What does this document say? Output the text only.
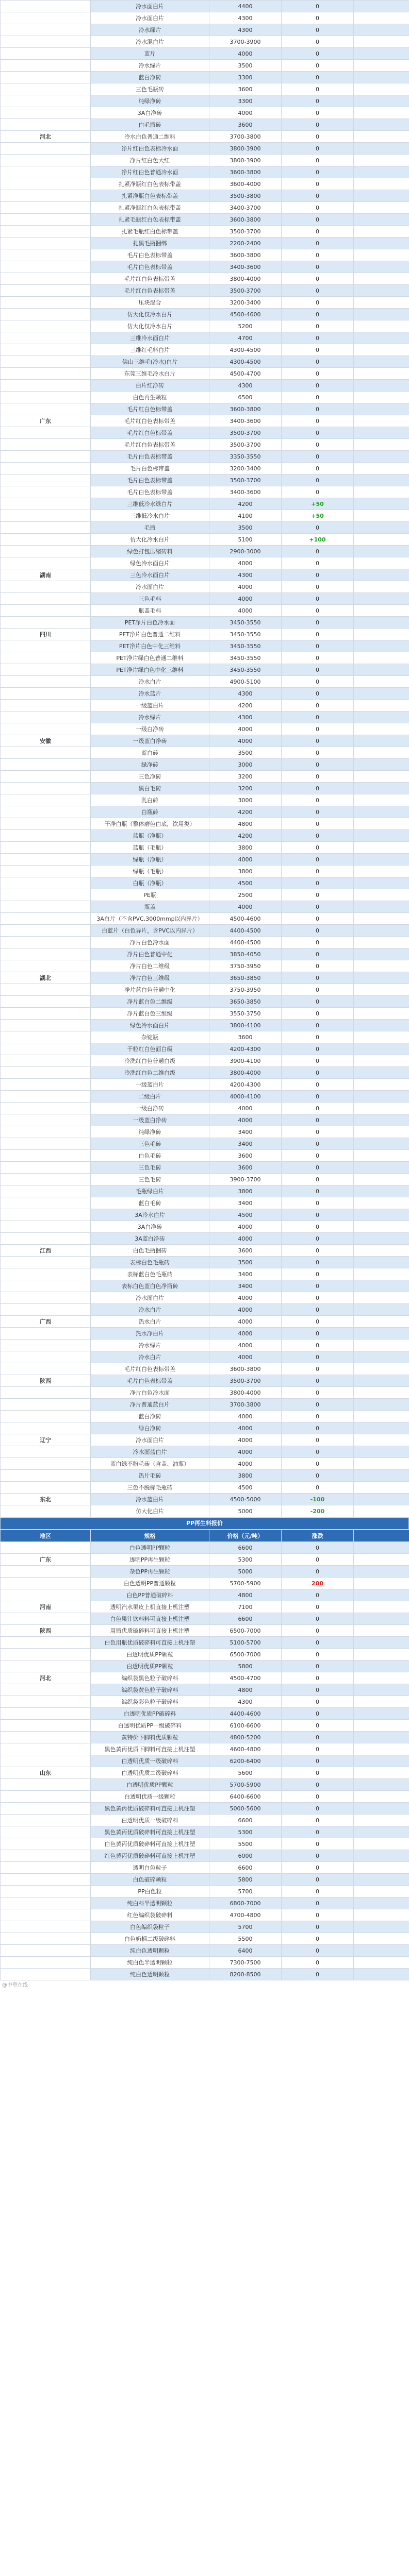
	冷水面白片	4400	0	
	冷水面白片	4300	0	
	冷水绿片	4300	0	
	冷水混白片	3700-3900	0	
	蓝片	4000	0	
	冷水绿片	3500	0	
	蓝白净砖	3300	0	
	三色毛瓶砖	3600	0	
	纯绿净砖	3300	0	
	3A白净砖	4000	0	
	白毛瓶砖	3600	0	
河北	冷水白色普通二维料	3700-3800	0	
	净片红白色表标冷水面	3800-3900	0	
	净片红白色大红	3800-3900	0	
	净片红白色普通冷水面	3600-3800	0	
	扎紧净瓶红白色表标带盖	3600-4000	0	
	扎紧净瓶白色表标带盖	3500-3800	0	
	扎紧净瓶红白色表标带盖	3400-3700	0	
	扎紧毛瓶红白色表标带盖	3600-3800	0	
	扎紧毛瓶红白色标带盖	3500-3700	0	
	扎黑毛瓶捆绑	2200-2400	0	
	毛片白色表标带盖	3600-3800	0	
	毛片白色表标带盖	3400-3600	0	
	毛片红白色表标带盖	3800-4000	0	
	毛片红白色表标带盖	3500-3700	0	
	压块混合	3200-3400	0	
	仿大化仅冷水白片	4500-4600	0	
	仿大化仅冷水白片	5200	0	
	三维冷水面白片	4700	0	
	三维红毛料白片	4300-4500	0	
	佛山三维毛(冷水)白片	4300-4500	0	
	东莞三维毛冷水白片	4500-4700	0	
	白片红净砖	4300	0	
	白色再生颗粒	6500	0	
	毛片红白色标带盖	3600-3800	0	
广东	毛片红白色表标带盖	3400-3600	0	
	毛片红白色标带盖	3500-3700	0	
	毛片红白色表标带盖	3500-3700	0	
	毛片白色表标带盖	3350-3550	0	
	毛片白色标带盖	3200-3400	0	
	毛片白色表标带盖	3500-3700	0	
	毛片白色表标带盖	3400-3600	0	
	三维低冷水绿白片	4200	+50	
	三维低冷水白片	4100	+50	
	毛瓶	3500	0	
	仿大化冷水白片	5100	+100	
	绿色打包压缩砖料	2900-3000	0	
	绿色冷水面白片	4000	0	
湖南	三色冷水面白片	4300	0	
	冷水面白片	4000	0	
	三色毛料	4000	0	
	瓶盖毛料	4000	0	
	PET净片白色冷水面	3450-3550	0	
四川	PET净片白色普通二维料	3450-3550	0	
	PET净片白色中化三维料	3450-3550	0	
	PET净片绿白色普通二维料	3450-3550	0	
	PET净片绿白色中化三维料	3450-3550	0	
	冷水白片	4900-5100	0	
	冷水蓝片	4300	0	
	一级蓝白片	4200	0	
	冷水绿片	4300	0	
	一级白净砖	4000	0	
安徽	一级蓝白净砖	4000	0	
	蓝白砖	3500	0	
	绿净砖	3000	0	
	三色净砖	3200	0	
	黑白毛砖	3200	0	
	乳白砖	3000	0	
	白瓶砖	4200	0	
	干净白瓶（整体磨色白底，饮用类）	4800	0	
	蓝瓶（净瓶）	4200	0	
	蓝瓶（毛瓶）	3800	0	
	绿瓶（净瓶）	4000	0	
	绿瓶（毛瓶）	3800	0	
	白瓶（净瓶）	4500	0	
	PE瓶	2500	0	
	瓶盖	4000	0	
	3A白片（不含PVC,3000mmp以内异片）	4500-4600	0	
	白蓝片（白色异片，含PVC以内异片）	4400-4500	0	
	净片白色冷水面	4400-4500	0	
	净片白色普通中化	3850-4050	0	
	净片白色二维级	3750-3950	0	
湖北	净片白色三维级	3650-3850	0	
	净片蓝白色普通中化	3750-3950	0	
	净片蓝白色二维级	3650-3850	0	
	净片蓝白色三维级	3550-3750	0	
	绿色冷水面白片	3800-4100	0	
	杂锭瓶	3600	0	
	干粒红白色面白级	4200-4300	0	
	冷洗红白色普通白级	3900-4100	0	
	冷洗红白色二维白级	3800-4000	0	
	一级蓝白片	4200-4300	0	
	二级白片	4000-4100	0	
	一级白净砖	4000	0	
	一级蓝白净砖	4000	0	
	纯绿净砖	3400	0	
	三色毛砖	3400	0	
	白色毛砖	3600	0	
	三色毛砖	3600	0	
	三色毛砖	3900-3700	0	
	毛瓶绿白片	3800	0	
	蓝白毛砖	3400	0	
	3A冷水白片	4500	0	
	3A白净砖	4000	0	
	3A蓝白净砖	4000	0	
江西	白色毛瓶捆砖	3600	0	
	表标白色毛瓶砖	3500	0	
	表标蓝白色毛瓶砖	3400	0	
	表标白色蓝白色净瓶砖	3400	0	
	冷水面白片	4000	0	
	冷水白片	4000	0	
广西	热水白片	4000	0	
	热水净白片	4000	0	
	冷水绿片	4000	0	
	冷水白片	4000	0	
	毛片红白色表标带盖	3600-3800	0	
陕西	毛片白色表标带盖	3500-3700	0	
	净片白色冷水面	3800-4000	0	
	净片普通蓝白片	3700-3800	0	
	蓝白净砖	4000	0	
	绿白净砖	4000	0	
辽宁	冷水面白片	4000	0	
	冷水面蓝白片	4000	0	
	蓝白绿不粉毛砖（含盖、油瓶）	4000	0	
	热片毛砖	3800	0	
	三色不脱标毛瓶砖	4500	0	
东北	冷水蓝白片	4500-5000	-100	
	仿大化白片	5000	-200	
PP再生料报价
地区	规格	价格（元/吨）	涨跌	
	白色透明PP颗粒	6600	0	
广东	透明PP再生颗粒	5300	0	
	杂色PP再生颗粒	5000	0	
	白色透明PP普通颗粒	5700-5900	200	
	白色PP普通破碎料	4800	0	
河南	透明汽水果皮上机直接上机注塑	7100	0	
	白色果汁饮料料可直接上机注塑	6600	0	
陕西	用瓶优质破碎料可直接上机注塑	6500-7000	0	
	白色用瓶优质破碎料可直接上机注塑	5100-5700	0	
	白透明优质PP颗粒	6500-7000	0	
	白透明优质PP颗粒	5800	0	
河北	编织袋黑色粒子破碎料	4500-4700	0	
	编织袋黄色粒子破碎料	4800	0	
	编织袋彩色粒子破碎料	4300	0	
	白透明优质PP破碎料	4400-4600	0	
	白透明优质PP一级破碎料	6100-6600	0	
	黄特价下脚料优质颗粒	4800-5200	0	
	黑色黄丙优质下脚料可直接上机注塑	4600-4800	0	
	白透明优质一级破碎料	6200-6400	0	
山东	白透明优质二级破碎料	5600	0	
	白透明优质PP颗粒	5700-5900	0	
	白透明优质一级颗粒	6400-6600	0	
	黑色黄丙优质破碎料可直接上机注塑	5000-5600	0	
	白透明优质一级破碎料	6600	0	
	黑色黄丙优质破碎料可直接上机注塑	5300	0	
	白色黄丙优质破碎料可直接上机注塑	5500	0	
	红色黄丙优质破碎料可直接上机注塑	6000	0	
	透明白色粒子	6600	0	
	白色破碎颗粒	5800	0	
	PP白色粒	5700	0	
	纯白料半透明颗粒	6800-7000	0	
	红色编织袋破碎料	4700-4800	0	
	白色编织袋粒子	5700	0	
	白色奶桶二级破碎料	5500	0	
	纯白色透明颗粒	6400	0	
	纯白色半透明颗粒	7300-7500	0	
	纯白色透明颗粒	8200-8500	0	
@中塑在线
